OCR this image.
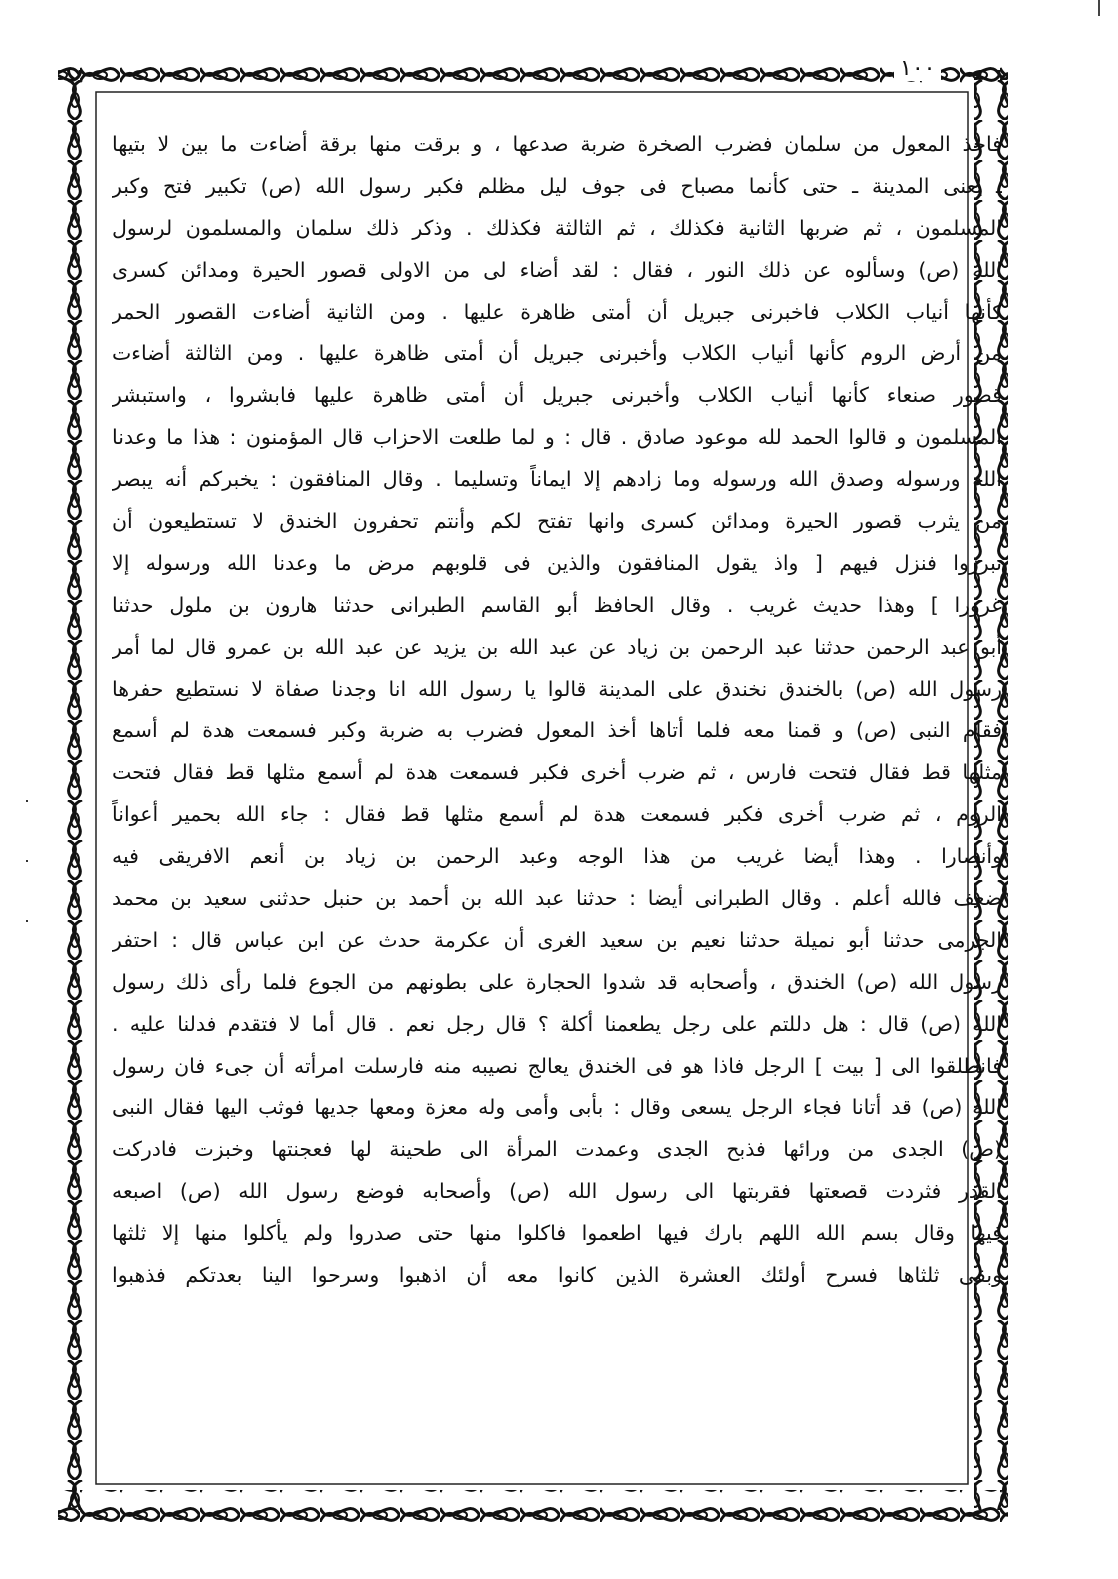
١٠٠
فاخذ المعول من سلمان فضرب الصخرة ضربة صدعها ، و برقت منها برقة أضاءت ما بين لا بتيها
ـ يعنى المدينة ـ حتى كأنما مصباح فى جوف ليل مظلم فكبر رسول الله (ص) تكبير فتح وكبر
المسلمون ، ثم ضربها الثانية فكذلك ، ثم الثالثة فكذلك . وذكر ذلك سلمان والمسلمون لرسول
الله (ص) وسألوه عن ذلك النور ، فقال : لقد أضاء لى من الاولى قصور الحيرة ومدائن كسرى
كأنها أنياب الكلاب فاخبرنى جبريل أن أمتى ظاهرة عليها . ومن الثانية أضاءت القصور الحمر
من أرض الروم كأنها أنياب الكلاب وأخبرنى جبريل أن أمتى ظاهرة عليها . ومن الثالثة أضاءت
قصور صنعاء كأنها أنياب الكلاب وأخبرنى جبريل أن أمتى ظاهرة عليها فابشروا ، واستبشر
المسلمون و قالوا الحمد لله موعود صادق . قال : و لما طلعت الاحزاب قال المؤمنون : هذا ما وعدنا
الله ورسوله وصدق الله ورسوله وما زادهم إلا ايماناً وتسليما . وقال المنافقون : يخبركم أنه يبصر
من يثرب قصور الحيرة ومدائن كسرى وانها تفتح لكم وأنتم تحفرون الخندق لا تستطيعون أن
تبرزوا فنزل فيهم [ واذ يقول المنافقون والذين فى قلوبهم مرض ما وعدنا الله ورسوله إلا
غرورا ] وهذا حديث غريب . وقال الحافظ أبو القاسم الطبرانى حدثنا هارون بن ملول حدثنا
أبو عبد الرحمن حدثنا عبد الرحمن بن زياد عن عبد الله بن يزيد عن عبد الله بن عمرو قال لما أمر
رسول الله (ص) بالخندق نخندق على المدينة قالوا يا رسول الله انا وجدنا صفاة لا نستطيع حفرها
فقام النبى (ص) و قمنا معه فلما أتاها أخذ المعول فضرب به ضربة وكبر فسمعت هدة لم أسمع
مثلها قط فقال فتحت فارس ، ثم ضرب أخرى فكبر فسمعت هدة لم أسمع مثلها قط فقال فتحت
الروم ، ثم ضرب أخرى فكبر فسمعت هدة لم أسمع مثلها قط فقال : جاء الله بحمير أعواناً
وأنصارا . وهذا أيضا غريب من هذا الوجه وعبد الرحمن بن زياد بن أنعم الافريقى فيه
ضعف فالله أعلم . وقال الطبرانى أيضا : حدثنا عبد الله بن أحمد بن حنبل حدثنى سعيد بن محمد
الجرمى حدثنا أبو نميلة حدثنا نعيم بن سعيد الغرى أن عكرمة حدث عن ابن عباس قال : احتفر
رسول الله (ص) الخندق ، وأصحابه قد شدوا الحجارة على بطونهم من الجوع فلما رأى ذلك رسول
الله (ص) قال : هل دللتم على رجل يطعمنا أكلة ؟ قال رجل نعم . قال أما لا فتقدم فدلنا عليه .
فانطلقوا الى [ بيت ] الرجل فاذا هو فى الخندق يعالج نصيبه منه فارسلت امرأته أن جىء فان رسول
الله (ص) قد أتانا فجاء الرجل يسعى وقال : بأبى وأمى وله معزة ومعها جديها فوثب اليها فقال النبى
(ص) الجدى من ورائها فذبح الجدى وعمدت المرأة الى طحينة لها فعجنتها وخبزت فادركت
القدر فثردت قصعتها فقربتها الى رسول الله (ص) وأصحابه فوضع رسول الله (ص) اصبعه
فيها وقال بسم الله اللهم بارك فيها اطعموا فاكلوا منها حتى صدروا ولم يأكلوا منها إلا ثلثها
وبقى ثلثاها فسرح أولئك العشرة الذين كانوا معه أن اذهبوا وسرحوا الينا بعدتكم فذهبوا
